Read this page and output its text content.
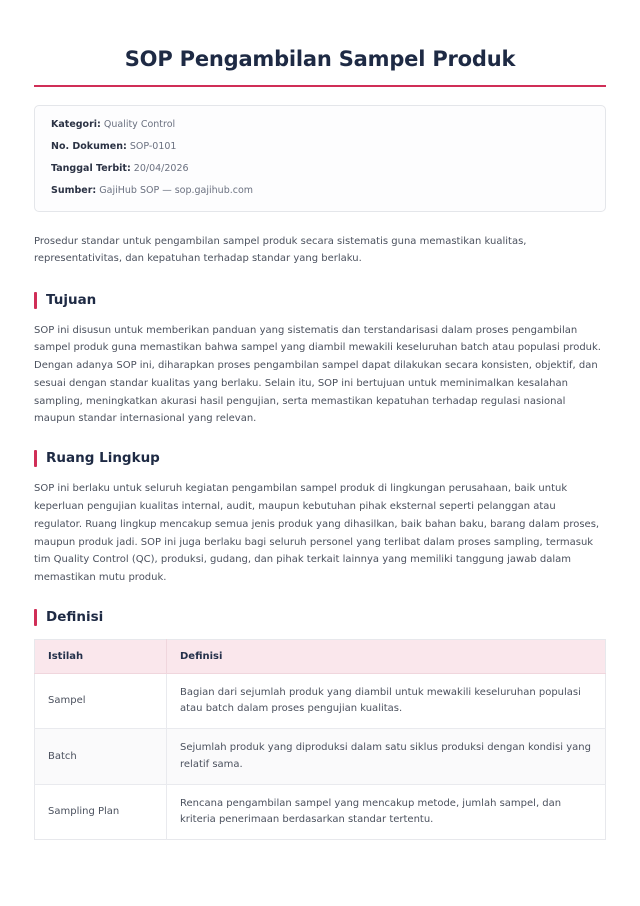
SOP Pengambilan Sampel Produk
Kategori: Quality Control
No. Dokumen: SOP-0101
Tanggal Terbit: 20/04/2026
Sumber: GajiHub SOP — sop.gajihub.com

Prosedur standar untuk pengambilan sampel produk secara sistematis guna memastikan kualitas, representativitas, dan kepatuhan terhadap standar yang berlaku.

Tujuan

SOP ini disusun untuk memberikan panduan yang sistematis dan terstandarisasi dalam proses pengambilan sampel produk guna memastikan bahwa sampel yang diambil mewakili keseluruhan batch atau populasi produk. Dengan adanya SOP ini, diharapkan proses pengambilan sampel dapat dilakukan secara konsisten, objektif, dan sesuai dengan standar kualitas yang berlaku. Selain itu, SOP ini bertujuan untuk meminimalkan kesalahan sampling, meningkatkan akurasi hasil pengujian, serta memastikan kepatuhan terhadap regulasi nasional maupun standar internasional yang relevan.

Ruang Lingkup

SOP ini berlaku untuk seluruh kegiatan pengambilan sampel produk di lingkungan perusahaan, baik untuk keperluan pengujian kualitas internal, audit, maupun kebutuhan pihak eksternal seperti pelanggan atau regulator. Ruang lingkup mencakup semua jenis produk yang dihasilkan, baik bahan baku, barang dalam proses, maupun produk jadi. SOP ini juga berlaku bagi seluruh personel yang terlibat dalam proses sampling, termasuk tim Quality Control (QC), produksi, gudang, dan pihak terkait lainnya yang memiliki tanggung jawab dalam memastikan mutu produk.

Definisi
Istilah	Definisi
Sampel	Bagian dari sejumlah produk yang diambil untuk mewakili keseluruhan populasi atau batch dalam proses pengujian kualitas.
Batch	Sejumlah produk yang diproduksi dalam satu siklus produksi dengan kondisi yang relatif sama.
Sampling Plan	Rencana pengambilan sampel yang mencakup metode, jumlah sampel, dan kriteria penerimaan berdasarkan standar tertentu.
